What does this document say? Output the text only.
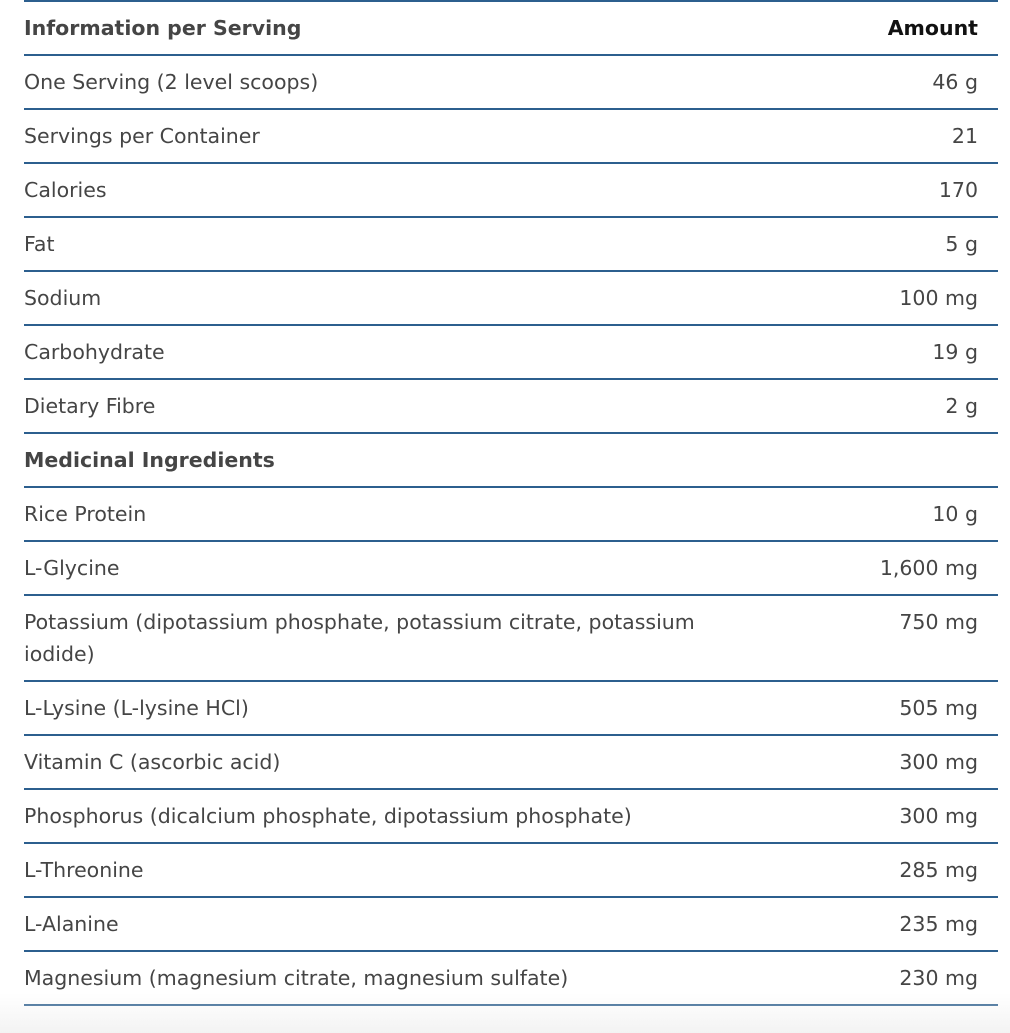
Information per Serving	Amount
One Serving (2 level scoops)	46 g
Servings per Container	21
Calories	170
Fat	5 g
Sodium	100 mg
Carbohydrate	19 g
Dietary Fibre	2 g
Medicinal Ingredients	
Rice Protein	10 g
L-Glycine	1,600 mg
Potassium (dipotassium phosphate, potassium citrate, potassium iodide)	750 mg
L-Lysine (L-lysine HCl)	505 mg
Vitamin C (ascorbic acid)	300 mg
Phosphorus (dicalcium phosphate, dipotassium phosphate)	300 mg
L-Threonine	285 mg
L-Alanine	235 mg
Magnesium (magnesium citrate, magnesium sulfate)	230 mg
